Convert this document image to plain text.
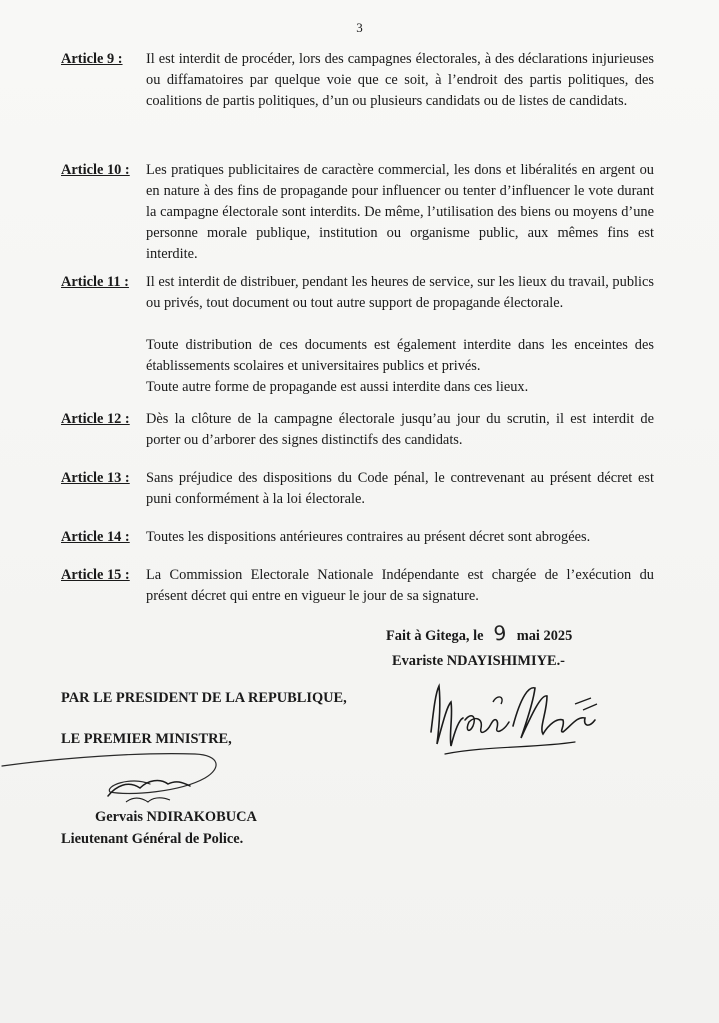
3
Article 9 : Il est interdit de procéder, lors des campagnes électorales, à des déclarations injurieuses ou diffamatoires par quelque voie que ce soit, à l’endroit des partis politiques, des coalitions de partis politiques, d’un ou plusieurs candidats ou de listes de candidats.

Article 10 : Les pratiques publicitaires de caractère commercial, les dons et libéralités en argent ou en nature à des fins de propagande pour influencer ou tenter d’influencer le vote durant la campagne électorale sont interdits. De même, l’utilisation des biens ou moyens d’une personne morale publique, institution ou organisme public, aux mêmes fins est interdite.

Article 11 : Il est interdit de distribuer, pendant les heures de service, sur les lieux du travail, publics ou privés, tout document ou tout autre support de propagande électorale.

Toute distribution de ces documents est également interdite dans les enceintes des établissements scolaires et universitaires publics et privés.

Toute autre forme de propagande est aussi interdite dans ces lieux.

Article 12 : Dès la clôture de la campagne électorale jusqu’au jour du scrutin, il est interdit de porter ou d’arborer des signes distinctifs des candidats.

Article 13 : Sans préjudice des dispositions du Code pénal, le contrevenant au présent décret est puni conformément à la loi électorale.

Article 14 : Toutes les dispositions antérieures contraires au présent décret sont abrogées.

Article 15 : La Commission Electorale Nationale Indépendante est chargée de l’exécution du présent décret qui entre en vigueur le jour de sa signature.

Fait à Gitega, le 9 mai 2025
Evariste NDAYISHIMIYE.-
PAR LE PRESIDENT DE LA REPUBLIQUE,
LE PREMIER MINISTRE,
Gervais NDIRAKOBUCA
Lieutenant Général de Police.
